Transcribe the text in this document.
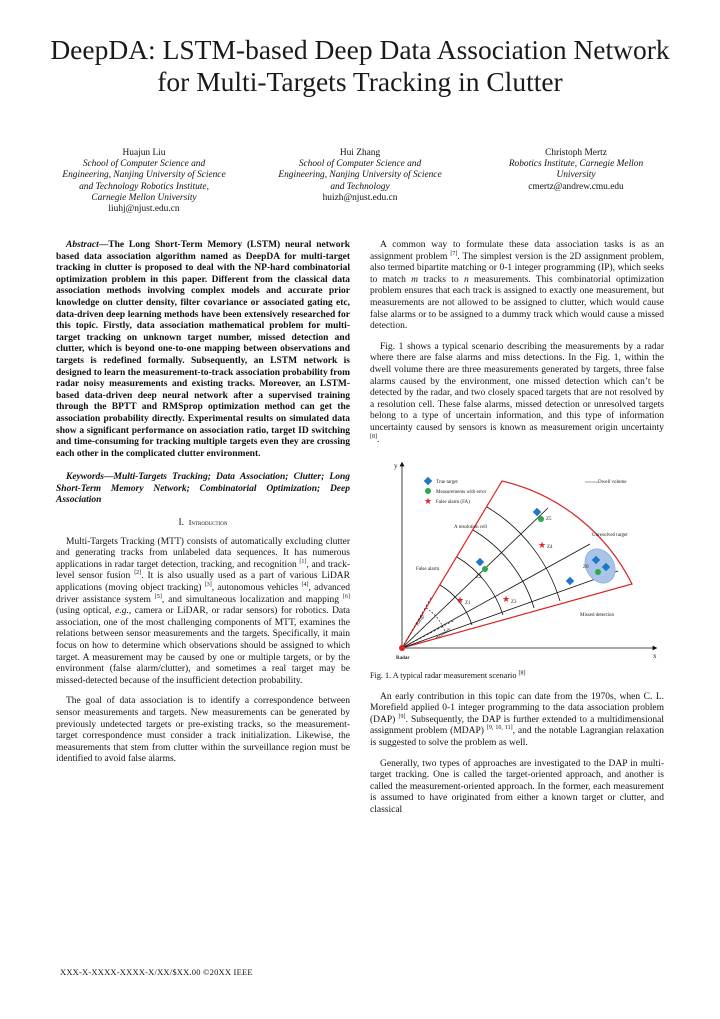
DeepDA: LSTM-based Deep Data Association Network for Multi-Targets Tracking in Clutter
Huajun Liu
School of Computer Science and Engineering, Nanjing University of Science and Technology Robotics Institute, Carnegie Mellon University
liuhj@njust.edu.cn
Hui Zhang
School of Computer Science and Engineering, Nanjing University of Science and Technology
huizh@njust.edu.cn
Christoph Mertz
Robotics Institute, Carnegie Mellon University
cmertz@andrew.cmu.edu

Abstract—The Long Short-Term Memory (LSTM) neural network based data association algorithm named as DeepDA for multi-target tracking in clutter is proposed to deal with the NP-hard combinatorial optimization problem in this paper. Different from the classical data association methods involving complex models and accurate prior knowledge on clutter density, filter covariance or associated gating etc, data-driven deep learning methods have been extensively researched for this topic. Firstly, data association mathematical problem for multi-target tracking on unknown target number, missed detection and clutter, which is beyond one-to-one mapping between observations and targets is redefined formally. Subsequently, an LSTM network is designed to learn the measurement-to-track association probability from radar noisy measurements and existing tracks. Moreover, an LSTM-based data-driven deep neural network after a supervised training through the BPTT and RMSprop optimization method can get the association probability directly. Experimental results on simulated data show a significant performance on association ratio, target ID switching and time-consuming for tracking multiple targets even they are crossing each other in the complicated clutter environment.

Keywords—Multi-Targets Tracking; Data Association; Clutter; Long Short-Term Memory Network; Combinatorial Optimization; Deep Association

I. Introduction

Multi-Targets Tracking (MTT) consists of automatically excluding clutter and generating tracks from unlabeled data sequences. It has numerous applications in radar target detection, tracking, and recognition [1], and track-level sensor fusion [2]. It is also usually used as a part of various LiDAR applications (moving object tracking) [3], autonomous vehicles [4], advanced driver assistance system [5], and simultaneous localization and mapping [6] (using optical, e.g., camera or LiDAR, or radar sensors) for robotics. Data association, one of the most challenging components of MTT, examines the relations between sensor measurements and the targets. Specifically, it main focus on how to determine which observations should be assigned to which target. A measurement may be caused by one or multiple targets, or by the environment (false alarm/clutter), and sometimes a real target may be missed-detected because of the insufficient detection probability.

The goal of data association is to identify a correspondence between sensor measurements and targets. New measurements can be generated by previously undetected targets or pre-existing tracks, so the measurement-target correspondence must consider a track initialization. Likewise, the measurements that stem from clutter within the surveillance region must be identified to avoid false alarms.

A common way to formulate these data association tasks is as an assignment problem [7]. The simplest version is the 2D assignment problem, also termed bipartite matching or 0-1 integer programming (IP), which seeks to match m tracks to n measurements. This combinatorial optimization problem ensures that each track is assigned to exactly one measurement, but measurements are not allowed to be assigned to clutter, which would cause false alarms or to be assigned to a dummy track which would cause a missed detection.

Fig. 1 shows a typical scenario describing the measurements by a radar where there are false alarms and miss detections. In the Fig. 1, within the dwell volume there are three measurements generated by targets, three false alarms caused by the environment, one missed detection which can’t be detected by the radar, and two closely spaced targets that are not resolved by a resolution cell. These false alarms, missed detection or unresolved targets belong to a type of uncertain information, and this type of information uncertainty caused by sensors is known as measurement origin uncertainty [8].

y
x
Range
Azimuth
Radar
True target
Measurements with error
★ False alarm (FA)
Dwell volume
A resolution cell
Unresolved target
False alarm
Missed detection
Z5
Z2
Z6
★ Z4
★ Z1	★ Z3

Fig. 1. A typical radar measurement scenario [8]

An early contribution in this topic can date from the 1970s, when C. L. Morefield applied 0-1 integer programming to the data association problem (DAP) [9]. Subsequently, the DAP is further extended to a multidimensional assignment problem (MDAP) [9, 10, 11], and the notable Lagrangian relaxation is suggested to solve the problem as well.

Generally, two types of approaches are investigated to the DAP in multi-target tracking. One is called the target-oriented approach, and another is called the measurement-oriented approach. In the former, each measurement is assumed to have originated from either a known target or clutter, and classical

XXX-X-XXXX-XXXX-X/XX/$XX.00 ©20XX IEEE
